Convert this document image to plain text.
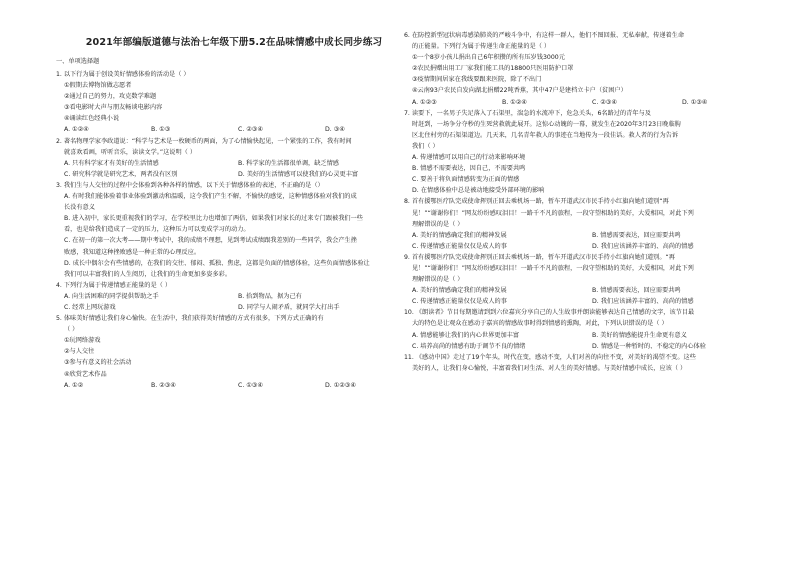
2021年部编版道德与法治七年级下册5.2在品味情感中成长同步练习
一、单项选择题
1. 以下行为属于创设美好情感体验的活动是（ ）
①假期去博物馆做志愿者
②通过自己的努力，攻克数学难题
③看电影时大声与朋友畅谈电影内容
④诵读红色经典小说
A. ①②④	B. ①③	C. ②③④	D. ③④
2. 著名物理学家李政道说：“科学与艺术是一枚硬币的两面，为了心情愉快起见，一个紧张的工作，我有时间
就喜欢看画，听听音乐，读读文学。”这说明（ ）
A. 只有科学家才有美好的生活情感	B. 科学家的生活都很单调，缺乏情感
C. 研究科学就是研究艺术，两者没有区别	D. 美好的生活情感可以使我们的心灵更丰富
3. 我们生与人交往的过程中会体验到各种各样的情感，以下关于情感体验的表述，不正确的是（）
A. 有时我们能体验着事业体验到激动和温暖，这令我们产生不解，不愉快的感觉，这种情感体验对我们的成
长没有意义
B. 进入初中，家长更重视我们的学习，在学校里比力也增加了两倍，如果我们对家长的过来专门跟被我们一些
看，也是给我们造成了一定的压力，这种压力可以变成学习的动力。
C. 在初一的第一次大考——期中考试中，我的成绩不理想，见到考试成绩跟我差别的一些同学，我会产生挫
败感，我知道这种挫败感是一种正常的心理反应。
D. 成长中偶尔会有些情感的，在我们的交往、郁闷、孤独、焦虑，这都是负面的情感体验，这些负面情感体验让
我们可以丰富我们的人生阅历，让我们的生命更加多姿多彩。
4. 下列行为属于传递情感正能量的是（ ）
A. 向生活困难的同学提供帮助之手	B. 拾到物品，据为己有
C. 经常上网玩游戏	D. 同学与人闹矛盾，就同学大打出手
5. 体味美好情感让我们身心愉快。在生活中，我们获得美好情感的方式有很多，下列方式正确的有
（ ）
①玩网络游戏
②与人交往
③参与有意义的社会活动
④欣赏艺术作品
A. ①②	B. ②③④	C. ①③④	D. ①②③④
6. 在防控新型冠状病毒感染肺炎的严峻斗争中，有这样一群人，他们不图回报、无私奉献，传递着生命
的正能量。下列行为属于传递生命正能量的是（ ）
①一个8岁小孩儿捐出自己6年积攒的所有压岁钱3000元
②农民捐赠出用工厂家我们能工具的18800只医用防护口罩
③疫情期间居家在我线要跟来医院，除了不出门
④云南93户农民自发向湖北捐赠22吨香蕉，其中47户是建档立卡户（贫困户）
A. ①②③	B. ①②④	C. ②③④	D. ①③④
7. 读要下，一名男子失足落入了石渠里，湍急的水流冲下，危急关头，6名路过的青年与及
时赶到，一场争分夺秒的生死营救就此展开。这惊心动魄的一幕，就发生在2020年3月23日晚临朐
区北住村旁的石渠渠道边。几天来，几名青年救人的事迹在当地传为一段佳话。救人者的行为告诉
我们（ ）
A. 传递情感可以用自己的行动来影响环境
B. 情感不需要表达，因自己，不需要共鸣
C. 要善于将负面情感转变为正面的情感
D. 在情感体验中总是被动地接受外部环境的影响
8. 首有援鄂医疗队完成使命挥别正回去乘机场一路，暂车开道武汉市民手持小红旗向她们道别“再
见！”“谢谢你们！”网友纷纷感叹泪目！一路千不凡的旅程，一段守望相助的美好，大爱相国，对此下列
理解错误的是（ ）
A. 美好的情感确定我们的精神发展	B. 情感需要表达，回应需要共鸣
C. 传递情感正能量仅仅是成人的事	D. 我们应该涵养丰富的、高尚的情感
9. 首有援鄂医疗队完成使命挥别正回去乘机场一路，暂车开道武汉市民手持小红旗向她们道别。“再
见！”“谢谢你们！”网友纷纷感叹泪目！一路千不凡的旅程，一段守望相助的美好，大爱相国，对此下列
理解错误的是（ ）
A. 美好的情感确定我们的精神发展	B. 情感需要表达，回应需要共鸣
C. 传递情感正能量仅仅是成人的事	D. 我们应该涵养丰富的、高尚的情感
10. 《朗读者》节目每期邀请到到六位嘉宾分享自己的人生故事并朗读能够表达自己情感的文字，该节目最
大的特色是让观众在感动于嘉宾的情感故事时得到情感的熏陶，对此，下列认识错误的是（ ）
A. 情感能够让我们的内心世界更加丰富	B. 美好的情感能提升生命更有意义
C. 培养高尚的情感有助于调节不良的情绪	D. 情感是一种暂时的、不稳定的内心体验
11. 《感动中国》走过了19个年头，时代在变，感动不变，人们对善的向往不变，对美好的渴望不变。这些
美好的人，让我们身心愉悦，丰富着我们对生活、对人生的美好情感。与美好情感中成长，应该（ ）
